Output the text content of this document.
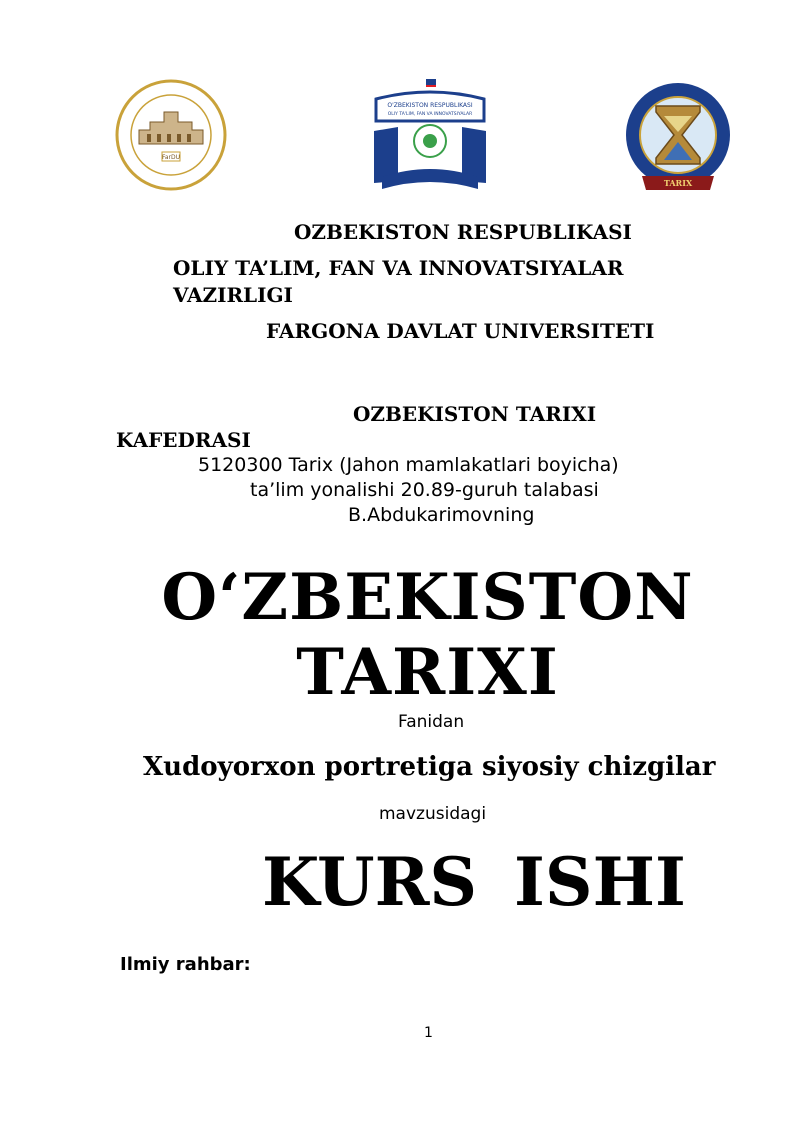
FarDU
O'ZBEKISTON RESPUBLIKASI
OLIY TA'LIM, FAN VA INNOVATSIYALAR
TARIX
OZBEKISTON RESPUBLIKASI
OLIY TA’LIM, FAN VA INNOVATSIYALAR
VAZIRLIGI
FARGONA DAVLAT UNIVERSITETI
OZBEKISTON TARIXI
KAFEDRASI
5120300 Tarix (Jahon mamlakatlari boyicha)
ta’lim yonalishi 20.89-guruh talabasi
B.Abdukarimovning
O‘ZBEKISTON
TARIXI
Fanidan
Xudoyorxon portretiga siyosiy chizgilar
mavzusidagi
KURS ISHI
Ilmiy rahbar:
1
